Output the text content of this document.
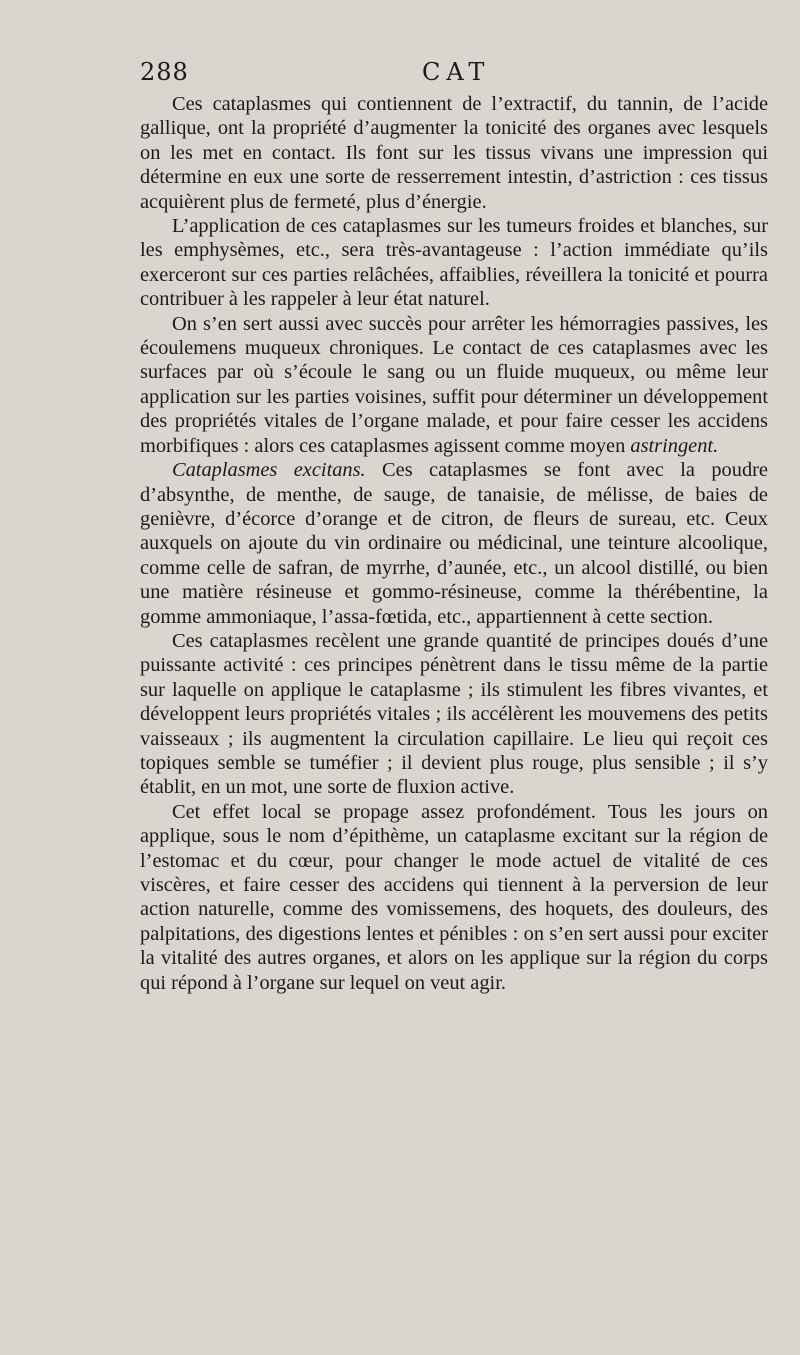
288	CAT

Ces cataplasmes qui contiennent de l’extractif, du tannin, de l’acide gallique, ont la propriété d’augmenter la tonicité des organes avec lesquels on les met en contact. Ils font sur les tissus vivans une impression qui détermine en eux une sorte de resserrement intestin, d’astriction : ces tissus acquièrent plus de fermeté, plus d’énergie.

L’application de ces cataplasmes sur les tumeurs froides et blanches, sur les emphysèmes, etc., sera très-avantageuse : l’action immédiate qu’ils exerceront sur ces parties relâchées, affaiblies, réveillera la tonicité et pourra contribuer à les rappeler à leur état naturel.

On s’en sert aussi avec succès pour arrêter les hémorragies passives, les écoulemens muqueux chroniques. Le contact de ces cataplasmes avec les surfaces par où s’écoule le sang ou un fluide muqueux, ou même leur application sur les parties voisines, suffit pour déterminer un développement des propriétés vitales de l’organe malade, et pour faire cesser les accidens morbifiques : alors ces cataplasmes agissent comme moyen astringent.

Cataplasmes excitans. Ces cataplasmes se font avec la poudre d’absynthe, de menthe, de sauge, de tanaisie, de mélisse, de baies de genièvre, d’écorce d’orange et de citron, de fleurs de sureau, etc. Ceux auxquels on ajoute du vin ordinaire ou médicinal, une teinture alcoolique, comme celle de safran, de myrrhe, d’aunée, etc., un alcool distillé, ou bien une matière résineuse et gommo-résineuse, comme la thérébentine, la gomme ammoniaque, l’assa-fœtida, etc., appartiennent à cette section.

Ces cataplasmes recèlent une grande quantité de principes doués d’une puissante activité : ces principes pénètrent dans le tissu même de la partie sur laquelle on applique le cataplasme ; ils stimulent les fibres vivantes, et développent leurs propriétés vitales ; ils accélèrent les mouvemens des petits vaisseaux ; ils augmentent la circulation capillaire. Le lieu qui reçoit ces topiques semble se tuméfier ; il devient plus rouge, plus sensible ; il s’y établit, en un mot, une sorte de fluxion active.

Cet effet local se propage assez profondément. Tous les jours on applique, sous le nom d’épithème, un cataplasme excitant sur la région de l’estomac et du cœur, pour changer le mode actuel de vitalité de ces viscères, et faire cesser des accidens qui tiennent à la perversion de leur action naturelle, comme des vomissemens, des hoquets, des douleurs, des palpitations, des digestions lentes et pénibles : on s’en sert aussi pour exciter la vitalité des autres organes, et alors on les applique sur la région du corps qui répond à l’organe sur lequel on veut agir.
